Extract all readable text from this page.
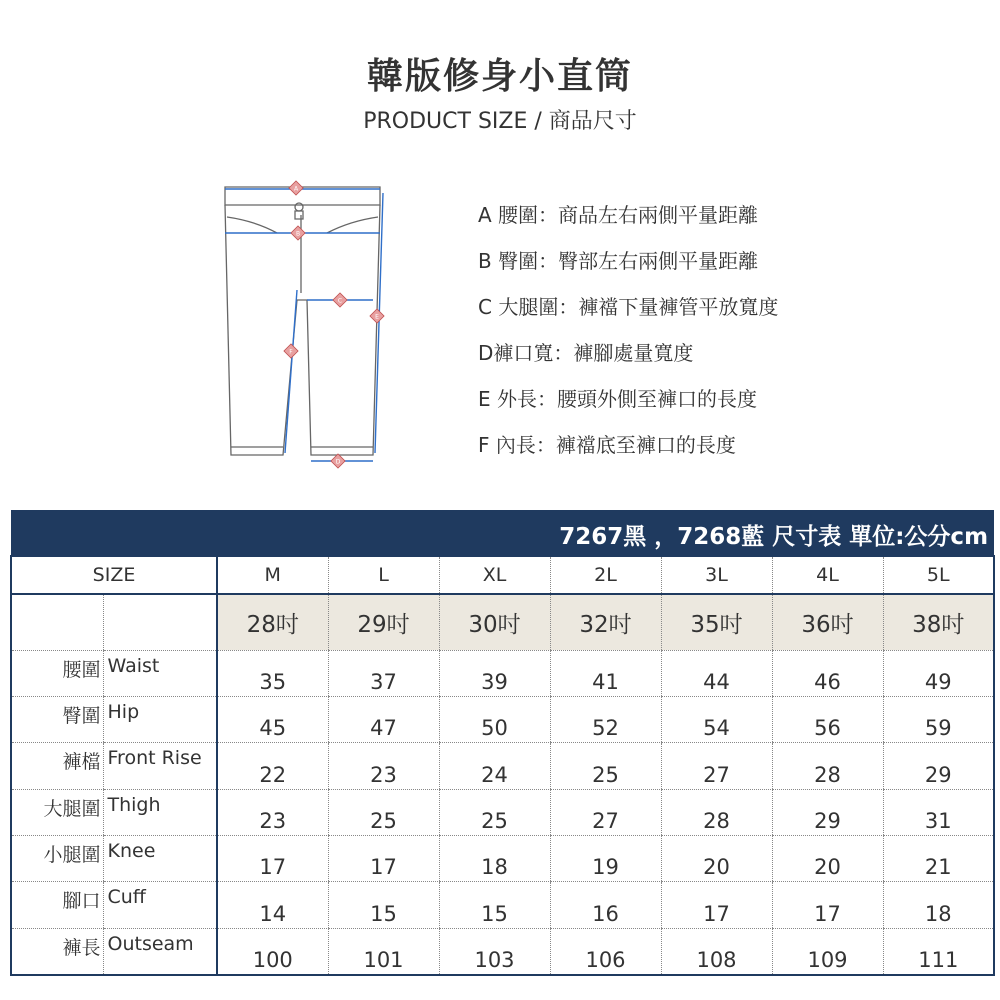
韓版修身小直筒
PRODUCT SIZE / 商品尺寸
A
B
C
E
F
D
A 腰圍：商品左右兩側平量距離
B 臀圍：臀部左右兩側平量距離
C 大腿圍：褲襠下量褲管平放寬度
D褲口寬：褲腳處量寬度
E 外長：腰頭外側至褲口的長度
F 內長：褲襠底至褲口的長度
7267黑 ，7268藍 尺寸表 單位:公分cm								
SIZE		M	L	XL	2L	3L	4L	5L
		28吋	29吋	30吋	32吋	35吋	36吋	38吋
腰圍	Waist	35	37	39	41	44	46	49
臀圍	Hip	45	47	50	52	54	56	59
褲檔	Front Rise	22	23	24	25	27	28	29
大腿圍	Thigh	23	25	25	27	28	29	31
小腿圍	Knee	17	17	18	19	20	20	21
腳口	Cuff	14	15	15	16	17	17	18
褲長	Outseam	100	101	103	106	108	109	111
